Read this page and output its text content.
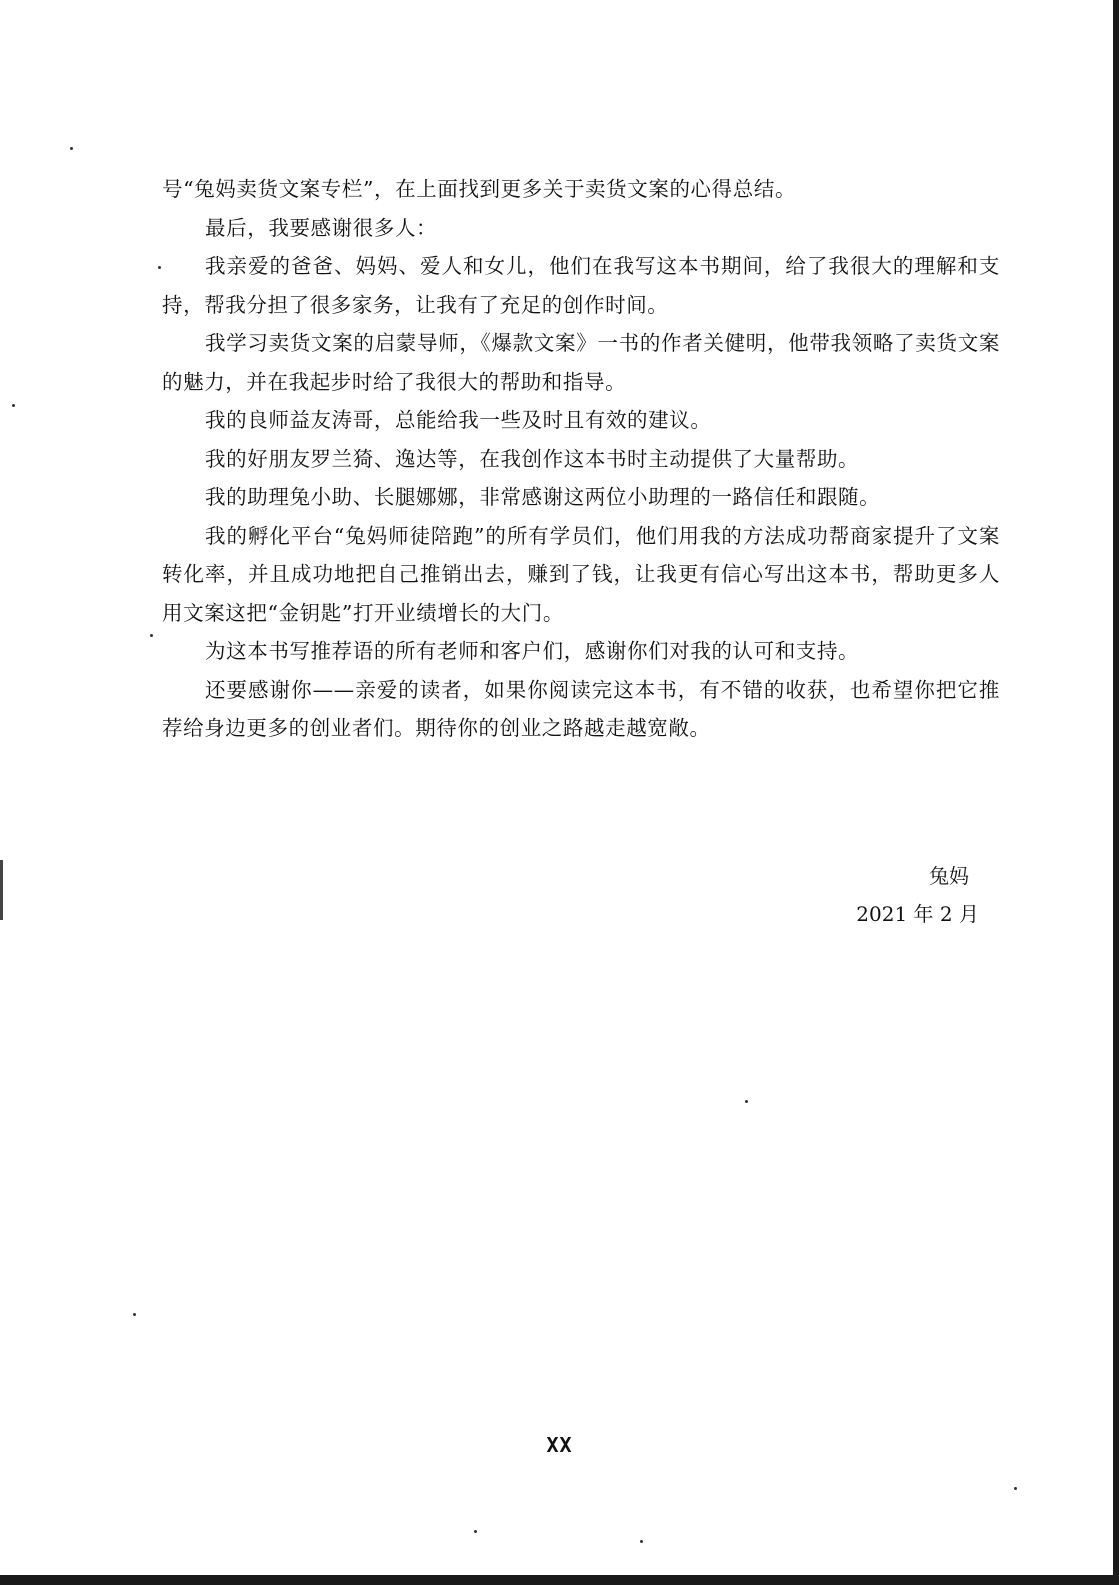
号“兔妈卖货文案专栏”，在上面找到更多关于卖货文案的心得总结。

最后，我要感谢很多人：

我亲爱的爸爸、妈妈、爱人和女儿，他们在我写这本书期间，给了我很大的理解和支持，帮我分担了很多家务，让我有了充足的创作时间。

我学习卖货文案的启蒙导师，《爆款文案》一书的作者关健明，他带我领略了卖货文案的魅力，并在我起步时给了我很大的帮助和指导。

我的良师益友涛哥，总能给我一些及时且有效的建议。

我的好朋友罗兰猗、逸达等，在我创作这本书时主动提供了大量帮助。

我的助理兔小助、长腿娜娜，非常感谢这两位小助理的一路信任和跟随。

我的孵化平台“兔妈师徒陪跑”的所有学员们，他们用我的方法成功帮商家提升了文案转化率，并且成功地把自己推销出去，赚到了钱，让我更有信心写出这本书，帮助更多人用文案这把“金钥匙”打开业绩增长的大门。

为这本书写推荐语的所有老师和客户们，感谢你们对我的认可和支持。

还要感谢你——亲爱的读者，如果你阅读完这本书，有不错的收获，也希望你把它推荐给身边更多的创业者们。期待你的创业之路越走越宽敞。

兔妈
2021 年 2 月
XX
